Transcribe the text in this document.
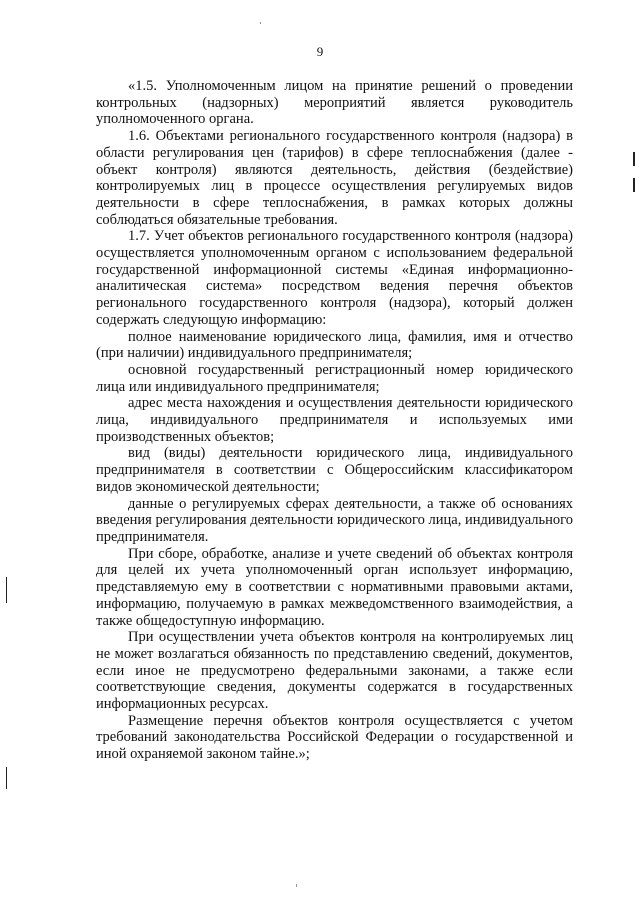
9

«1.5. Уполномоченным лицом на принятие решений о проведении контрольных (надзорных) мероприятий является руководитель уполномоченного органа.

1.6. Объектами регионального государственного контроля (надзора) в области регулирования цен (тарифов) в сфере теплоснабжения (далее - объект контроля) являются деятельность, действия (бездействие) контролируемых лиц в процессе осуществления регулируемых видов деятельности в сфере теплоснабжения, в рамках которых должны соблюдаться обязательные требования.

1.7. Учет объектов регионального государственного контроля (надзора) осуществляется уполномоченным органом с использованием федеральной государственной информационной системы «Единая информационно-аналитическая система» посредством ведения перечня объектов регионального государственного контроля (надзора), который должен содержать следующую информацию:

полное наименование юридического лица, фамилия, имя и отчество (при наличии) индивидуального предпринимателя;

основной государственный регистрационный номер юридического лица или индивидуального предпринимателя;

адрес места нахождения и осуществления деятельности юридического лица, индивидуального предпринимателя и используемых ими производственных объектов;

вид (виды) деятельности юридического лица, индивидуального предпринимателя в соответствии с Общероссийским классификатором видов экономической деятельности;

данные о регулируемых сферах деятельности, а также об основаниях введения регулирования деятельности юридического лица, индивидуального предпринимателя.

При сборе, обработке, анализе и учете сведений об объектах контроля для целей их учета уполномоченный орган использует информацию, представляемую ему в соответствии с нормативными правовыми актами, информацию, получаемую в рамках межведомственного взаимодействия, а также общедоступную информацию.

При осуществлении учета объектов контроля на контролируемых лиц не может возлагаться обязанность по представлению сведений, документов, если иное не предусмотрено федеральными законами, а также если соответствующие сведения, документы содержатся в государственных информационных ресурсах.

Размещение перечня объектов контроля осуществляется с учетом требований законодательства Российской Федерации о государственной и иной охраняемой законом тайне.»;
